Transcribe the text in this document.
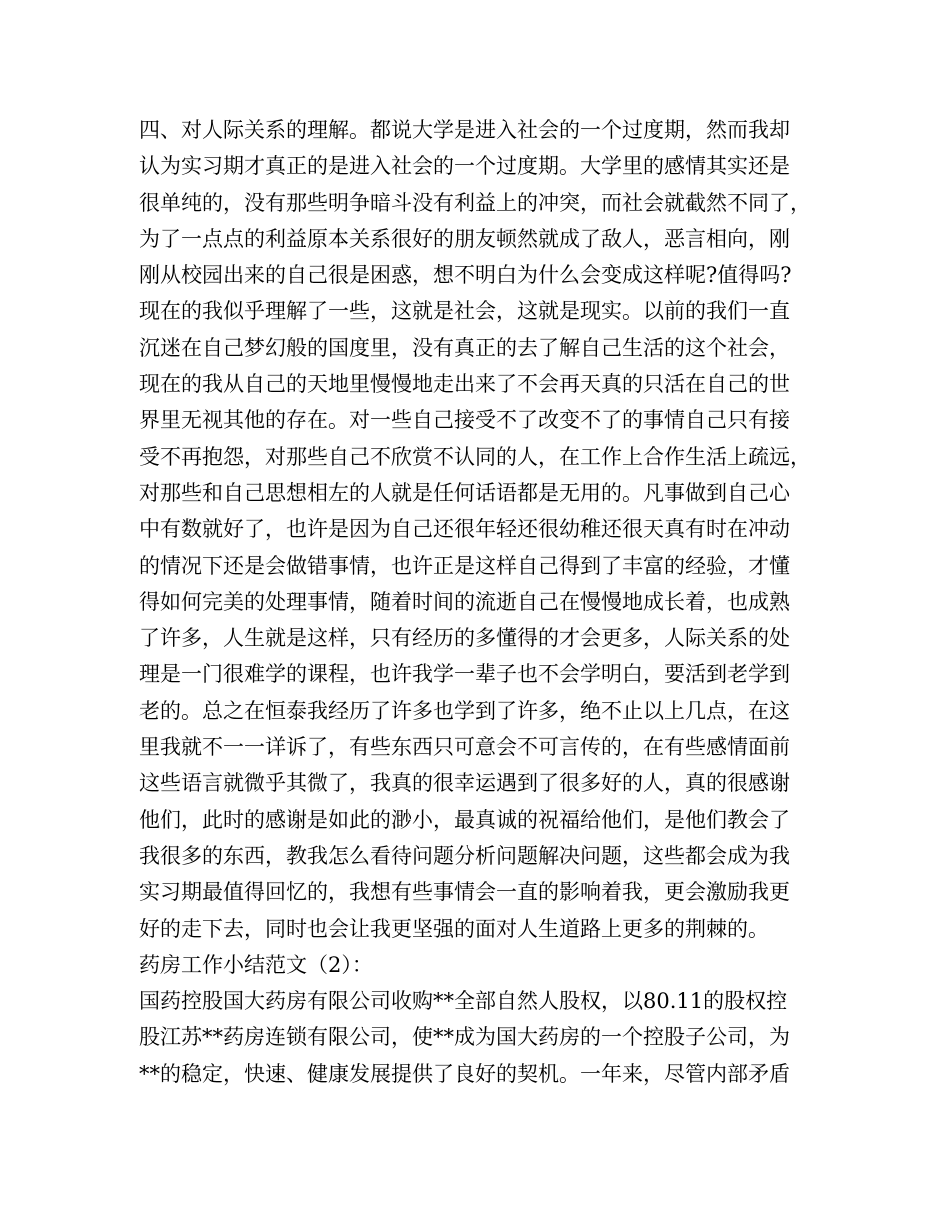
四、对人际关系的理解。都说大学是进入社会的一个过度期，然而我却
认为实习期才真正的是进入社会的一个过度期。大学里的感情其实还是
很单纯的，没有那些明争暗斗没有利益上的冲突，而社会就截然不同了，
为了一点点的利益原本关系很好的朋友顿然就成了敌人，恶言相向，刚
刚从校园出来的自己很是困惑，想不明白为什么会变成这样呢?值得吗?
现在的我似乎理解了一些，这就是社会，这就是现实。以前的我们一直
沉迷在自己梦幻般的国度里，没有真正的去了解自己生活的这个社会，
现在的我从自己的天地里慢慢地走出来了不会再天真的只活在自己的世
界里无视其他的存在。对一些自己接受不了改变不了的事情自己只有接
受不再抱怨，对那些自己不欣赏不认同的人，在工作上合作生活上疏远，
对那些和自己思想相左的人就是任何话语都是无用的。凡事做到自己心
中有数就好了，也许是因为自己还很年轻还很幼稚还很天真有时在冲动
的情况下还是会做错事情，也许正是这样自己得到了丰富的经验，才懂
得如何完美的处理事情，随着时间的流逝自己在慢慢地成长着，也成熟
了许多，人生就是这样，只有经历的多懂得的才会更多，人际关系的处
理是一门很难学的课程，也许我学一辈子也不会学明白，要活到老学到
老的。总之在恒泰我经历了许多也学到了许多，绝不止以上几点，在这
里我就不一一详诉了，有些东西只可意会不可言传的，在有些感情面前
这些语言就微乎其微了，我真的很幸运遇到了很多好的人，真的很感谢
他们，此时的感谢是如此的渺小，最真诚的祝福给他们，是他们教会了
我很多的东西，教我怎么看待问题分析问题解决问题，这些都会成为我
实习期最值得回忆的，我想有些事情会一直的影响着我，更会激励我更
好的走下去，同时也会让我更坚强的面对人生道路上更多的荆棘的。
药房工作小结范文（2）：
国药控股国大药房有限公司收购**全部自然人股权，以80.11的股权控
股江苏**药房连锁有限公司，使**成为国大药房的一个控股子公司，为
**的稳定，快速、健康发展提供了良好的契机。一年来，尽管内部矛盾
